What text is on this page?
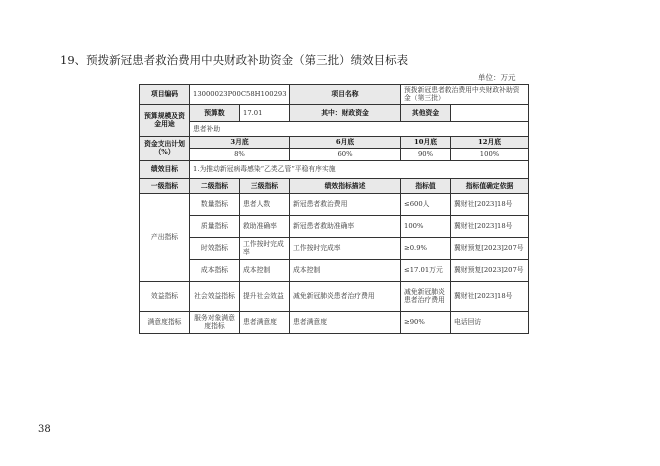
19、预拨新冠患者救治费用中央财政补助资金（第三批）绩效目标表
单位：万元
项目编码	13000023P00C58H100293		项目名称	预拨新冠患者救治费用中央财政补助资金（第三批）	
预算规模及资金用途	预算数	17.01	其中：财政资金	其他资金	
	患者补助				
资金支出计划（%）	3月底		6月底	10月底	12月底
	8%		60%	90%	100%
绩效目标	1.为推动新冠病毒感染“乙类乙管”平稳有序实施				
一级指标	二级指标	三级指标	绩效指标描述	指标值	指标值确定依据
产出指标	数量指标	患者人数	新冠患者救治费用	≤600人	冀财社[2023]18号
	质量指标	救助准确率	新冠患者救助准确率	100%	冀财社[2023]18号
	时效指标	工作按时完成率	工作按时完成率	≥0.9%	冀财预复[2023]207号
	成本指标	成本控制	成本控制	≤17.01万元	冀财预复[2023]207号
效益指标	社会效益指标	提升社会效益	减免新冠肺炎患者治疗费用	减免新冠肺炎患者治疗费用	冀财社[2023]18号
满意度指标	服务对象满意度指标	患者满意度	患者满意度	≥90%	电话回访
38
